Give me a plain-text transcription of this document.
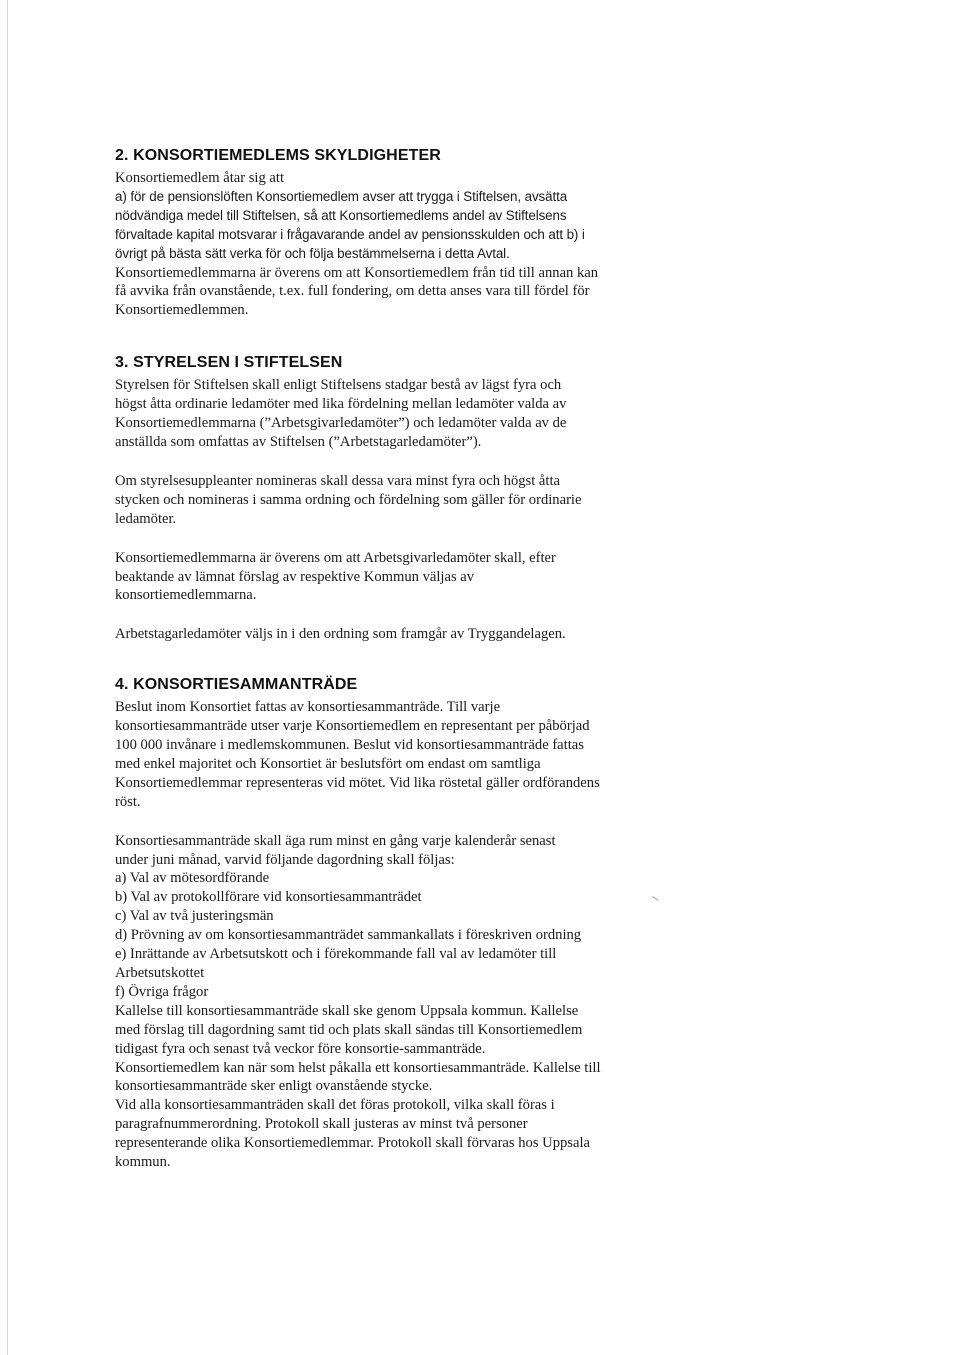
2. KONSORTIEMEDLEMS SKYLDIGHETER
Konsortiemedlem åtar sig att
a) för de pensionslöften Konsortiemedlem avser att trygga i Stiftelsen, avsätta
nödvändiga medel till Stiftelsen, så att Konsortiemedlems andel av Stiftelsens
förvaltade kapital motsvarar i frågavarande andel av pensionsskulden och att b) i
övrigt på bästa sätt verka för och följa bestämmelserna i detta Avtal.
Konsortiemedlemmarna är överens om att Konsortiemedlem från tid till annan kan
få avvika från ovanstående, t.ex. full fondering, om detta anses vara till fördel för
Konsortiemedlemmen.
3. STYRELSEN I STIFTELSEN
Styrelsen för Stiftelsen skall enligt Stiftelsens stadgar bestå av lägst fyra och
högst åtta ordinarie ledamöter med lika fördelning mellan ledamöter valda av
Konsortiemedlemmarna (”Arbetsgivarledamöter”) och ledamöter valda av de
anställda som omfattas av Stiftelsen (”Arbetstagarledamöter”).
Om styrelsesuppleanter nomineras skall dessa vara minst fyra och högst åtta
stycken och nomineras i samma ordning och fördelning som gäller för ordinarie
ledamöter.
Konsortiemedlemmarna är överens om att Arbetsgivarledamöter skall, efter
beaktande av lämnat förslag av respektive Kommun väljas av
konsortiemedlemmarna.
Arbetstagarledamöter väljs in i den ordning som framgår av Tryggandelagen.
4. KONSORTIESAMMANTRÄDE
Beslut inom Konsortiet fattas av konsortiesammanträde. Till varje
konsortiesammanträde utser varje Konsortiemedlem en representant per påbörjad
100 000 invånare i medlemskommunen. Beslut vid konsortiesammanträde fattas
med enkel majoritet och Konsortiet är beslutsfört om endast om samtliga
Konsortiemedlemmar representeras vid mötet. Vid lika röstetal gäller ordförandens
röst.
Konsortiesammanträde skall äga rum minst en gång varje kalenderår senast
under juni månad, varvid följande dagordning skall följas:
a) Val av mötesordförande
b) Val av protokollförare vid konsortiesammanträdet
c) Val av två justeringsmän
d) Prövning av om konsortiesammanträdet sammankallats i föreskriven ordning
e) Inrättande av Arbetsutskott och i förekommande fall val av ledamöter till
Arbetsutskottet
f) Övriga frågor
Kallelse till konsortiesammanträde skall ske genom Uppsala kommun. Kallelse
med förslag till dagordning samt tid och plats skall sändas till Konsortiemedlem
tidigast fyra och senast två veckor före konsortie-sammanträde.
Konsortiemedlem kan när som helst påkalla ett konsortiesammanträde. Kallelse till
konsortiesammanträde sker enligt ovanstående stycke.
Vid alla konsortiesammanträden skall det föras protokoll, vilka skall föras i
paragrafnummerordning. Protokoll skall justeras av minst två personer
representerande olika Konsortiemedlemmar. Protokoll skall förvaras hos Uppsala
kommun.
